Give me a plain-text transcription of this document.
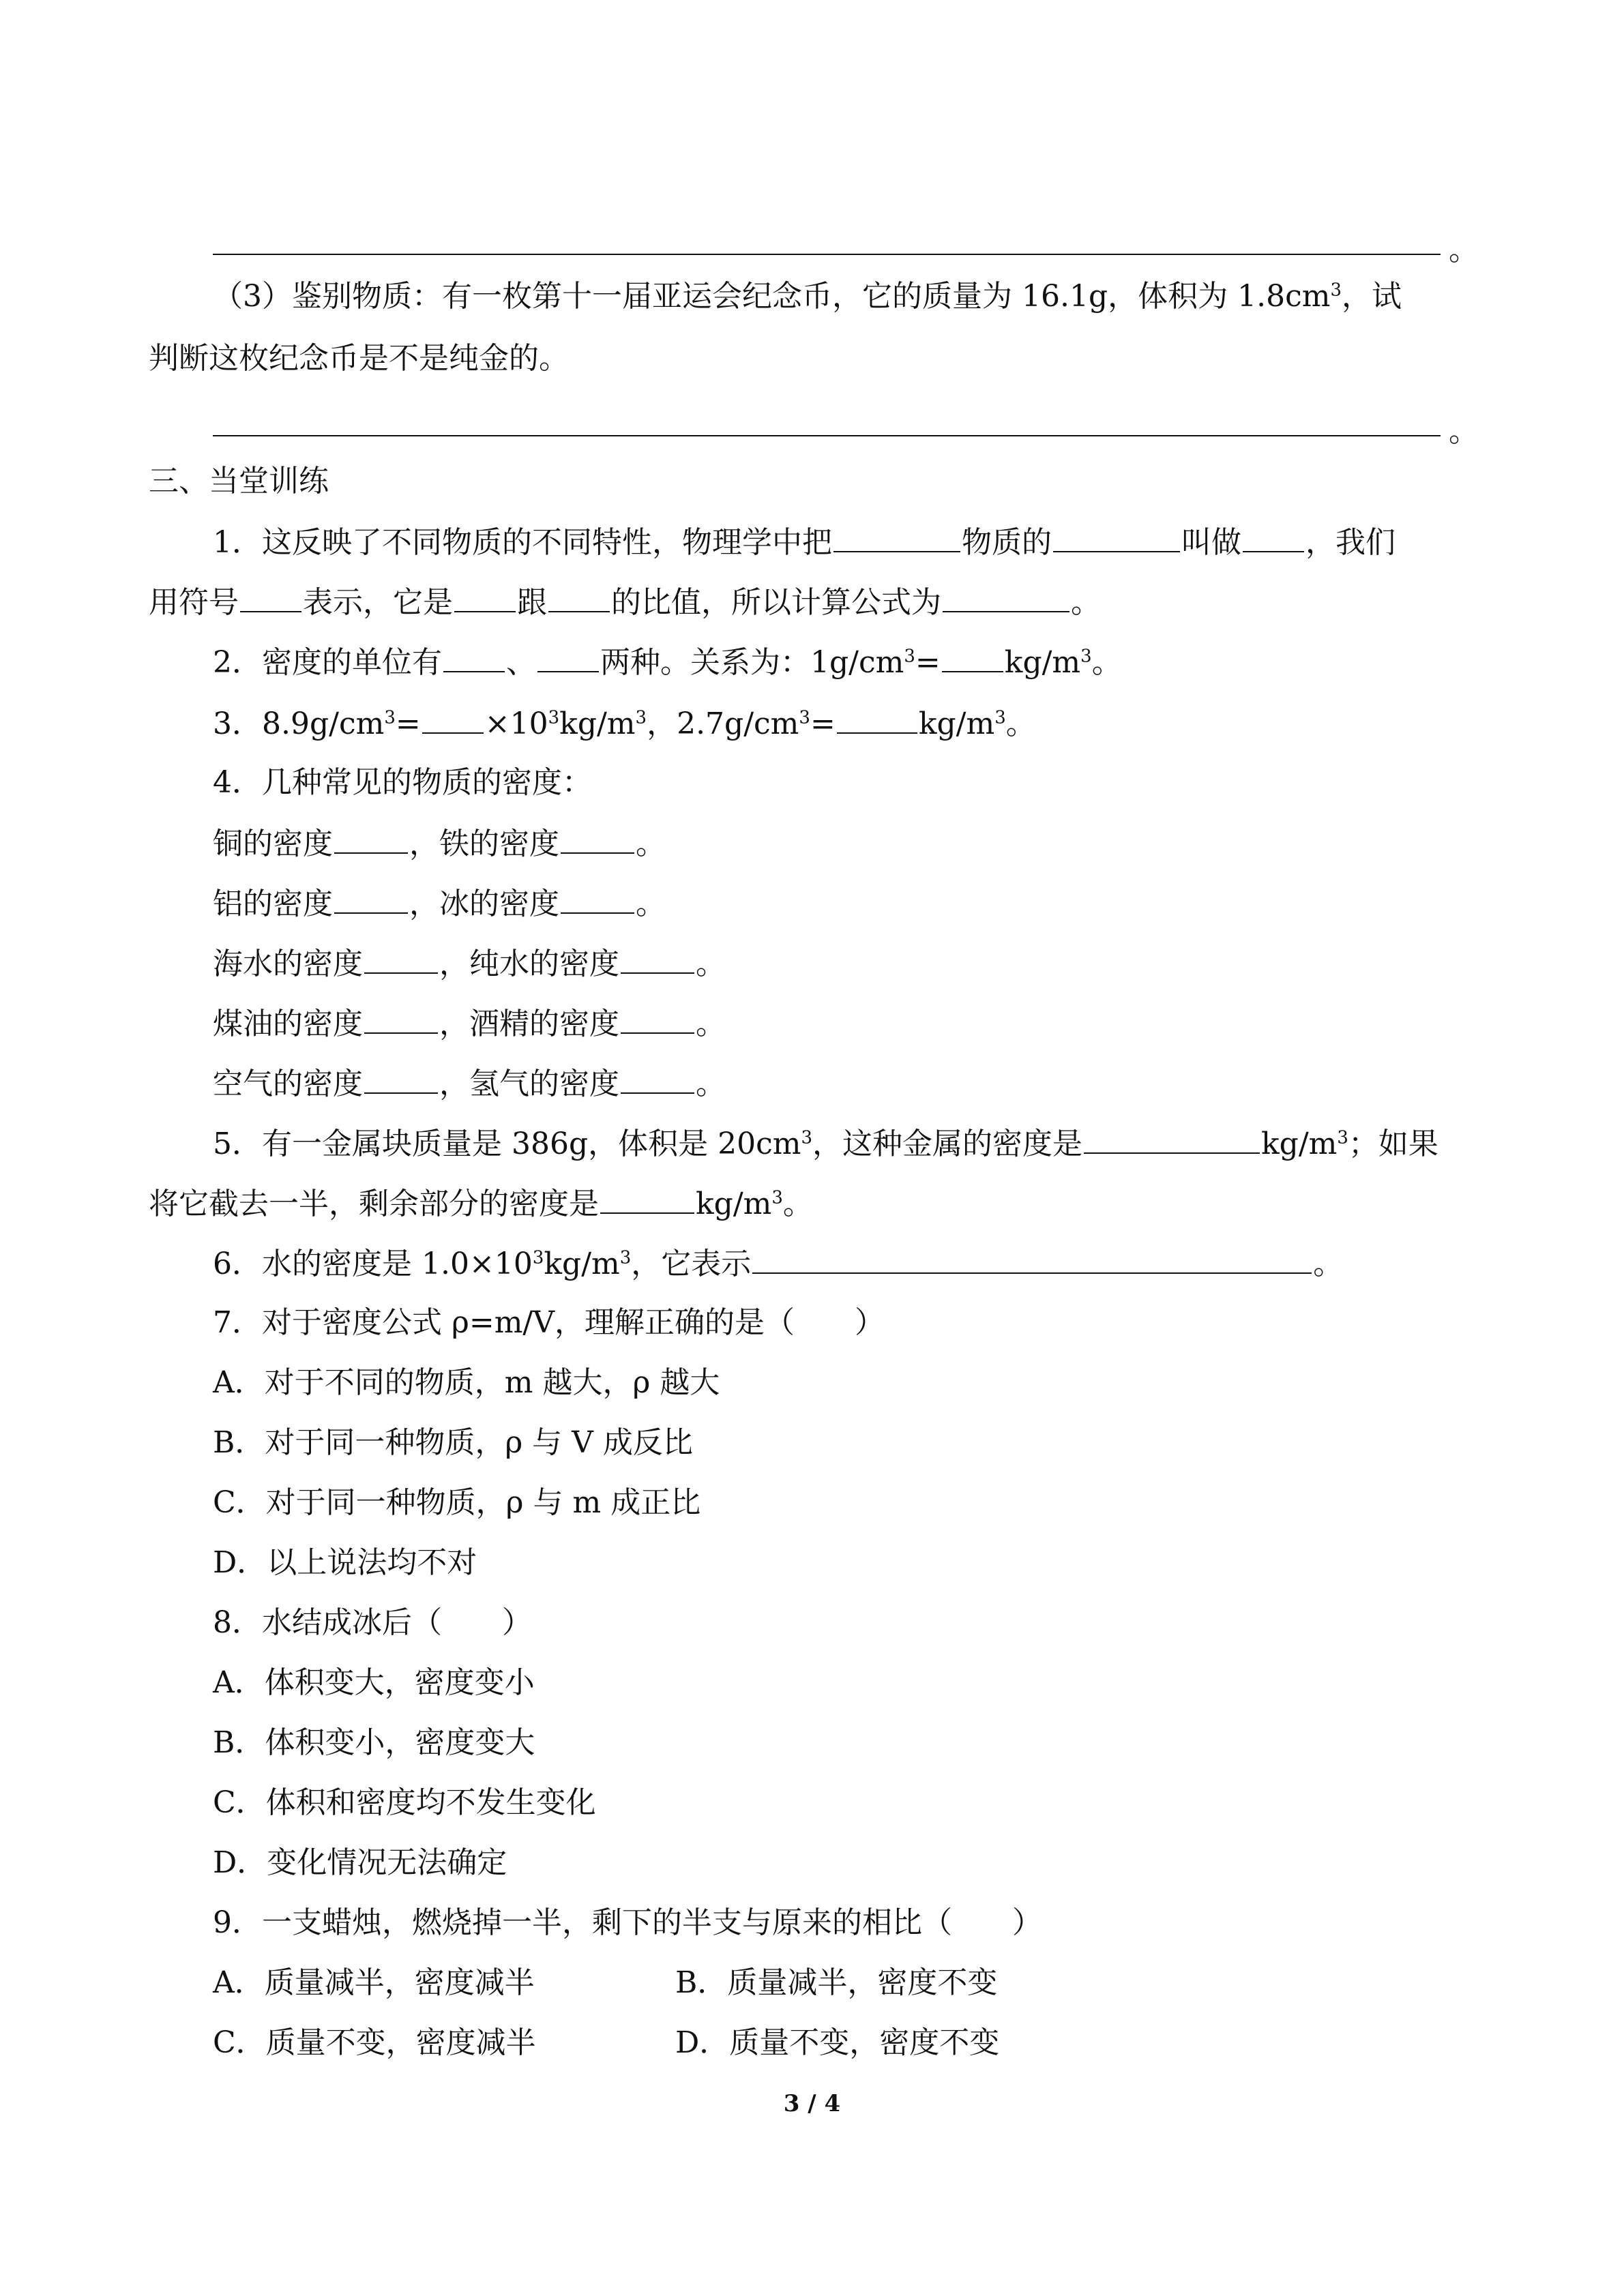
。
（3）鉴别物质：有一枚第十一届亚运会纪念币，它的质量为 16.1g，体积为 $1.8cm^3$，试
判断这枚纪念币是不是纯金的。
。
三、当堂训练
1．这反映了不同物质的不同特性，物理学中把	物质的	叫做 ，我们
用符号 表示，它是 跟 的比值，所以计算公式为	。
2．密度的单位有 、 两种。关系为：$1g/cm^3= kg/m^3$。
3．$8.9g/cm^3= \times 10^3kg/m^3$，$2.7g/cm^3=$	$kg/m^3$。
4．几种常见的物质的密度：
铜的密度	，铁的密度	。
铝的密度	，冰的密度	。
海水的密度	，纯水的密度	。
煤油的密度	，酒精的密度	。
空气的密度	，氢气的密度	。
5．有一金属块质量是 386g，体积是 $20cm^3$，这种金属的密度是	$kg/m^3$；如果
将它截去一半，剩余部分的密度是	$kg/m^3$。
6．水的密度是 $1.0\times 10^3kg/m^3$，它表示	。
7．对于密度公式 ρ=m/V，理解正确的是（　　）
A．对于不同的物质，m 越大，ρ 越大
B．对于同一种物质，ρ 与 V 成反比
C．对于同一种物质，ρ 与 m 成正比
D．以上说法均不对
8．水结成冰后（　　）
A．体积变大，密度变小
B．体积变小，密度变大
C．体积和密度均不发生变化
D．变化情况无法确定
9．一支蜡烛，燃烧掉一半，剩下的半支与原来的相比（　　）
A．质量减半，密度减半	B．质量减半，密度不变
C．质量不变，密度减半	D．质量不变，密度不变
3 / 4
